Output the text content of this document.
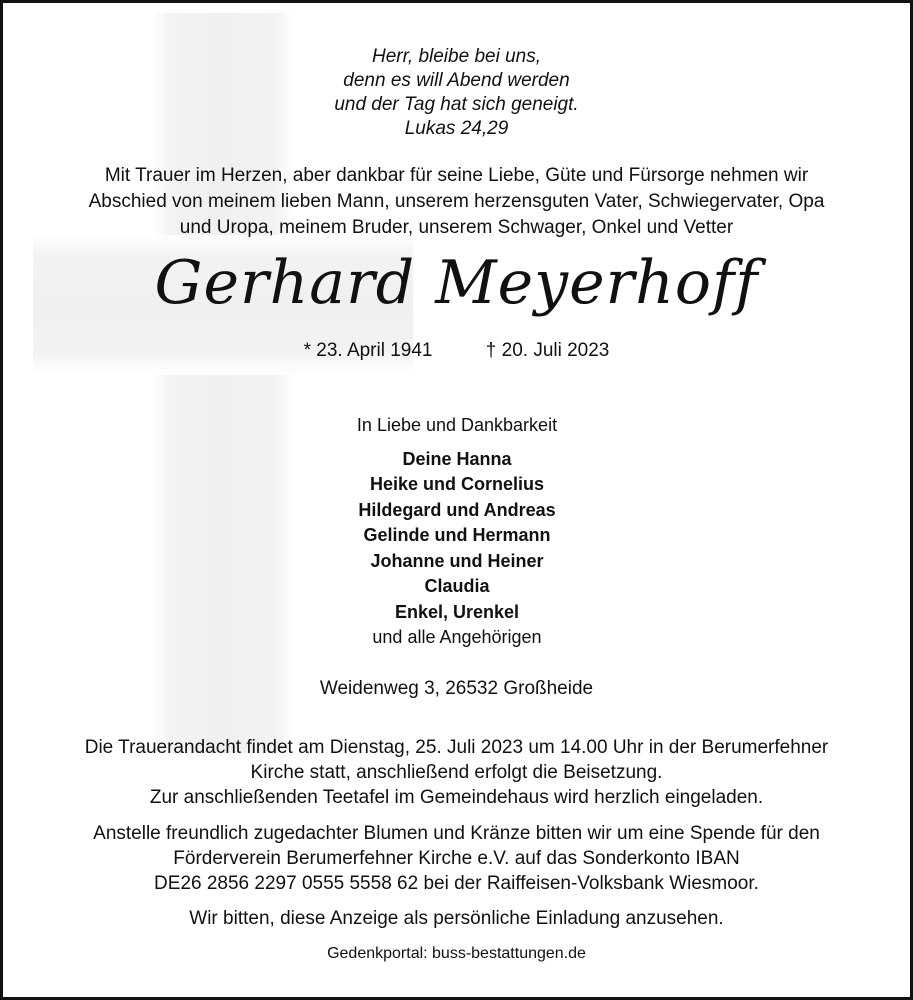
Herr, bleibe bei uns,
denn es will Abend werden
und der Tag hat sich geneigt.
Lukas 24,29
Mit Trauer im Herzen, aber dankbar für seine Liebe, Güte und Fürsorge nehmen wir
Abschied von meinem lieben Mann, unserem herzensguten Vater, Schwiegervater, Opa
und Uropa, meinem Bruder, unserem Schwager, Onkel und Vetter
Gerhard Meyerhoff
* 23. April 1941	† 20. Juli 2023
In Liebe und Dankbarkeit
Deine Hanna
Heike und Cornelius
Hildegard und Andreas
Gelinde und Hermann
Johanne und Heiner
Claudia
Enkel, Urenkel
und alle Angehörigen
Weidenweg 3, 26532 Großheide
Die Trauerandacht findet am Dienstag, 25. Juli 2023 um 14.00 Uhr in der Berumerfehner
Kirche statt, anschließend erfolgt die Beisetzung.
Zur anschließenden Teetafel im Gemeindehaus wird herzlich eingeladen.
Anstelle freundlich zugedachter Blumen und Kränze bitten wir um eine Spende für den
Förderverein Berumerfehner Kirche e.V. auf das Sonderkonto IBAN
DE26 2856 2297 0555 5558 62 bei der Raiffeisen-Volksbank Wiesmoor.
Wir bitten, diese Anzeige als persönliche Einladung anzusehen.
Gedenkportal: buss-bestattungen.de
